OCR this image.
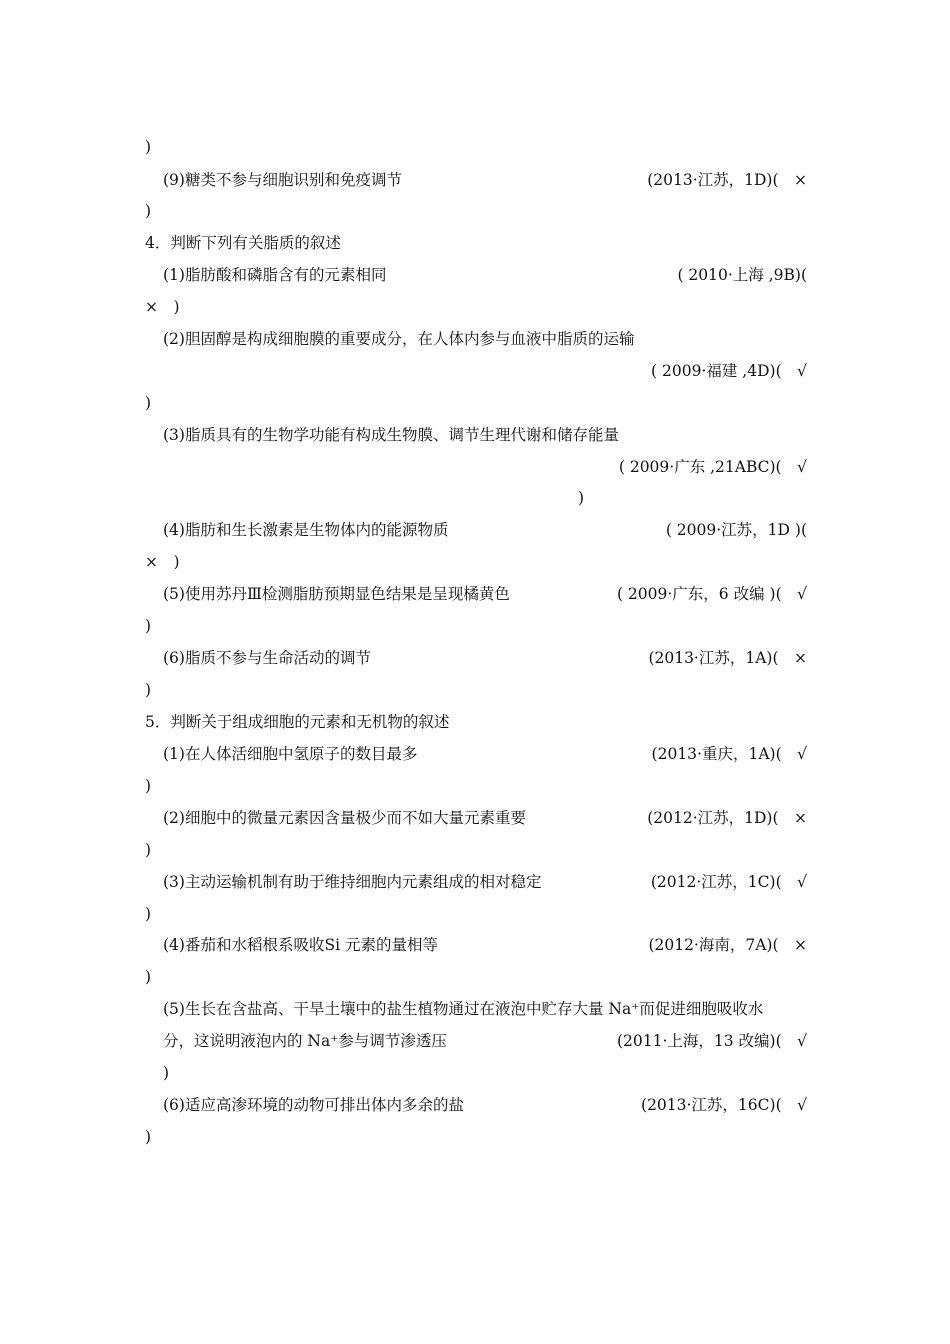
)
(9)糖类不参与细胞识别和免疫调节	(2013·江苏，1D)(　×
)
4．判断下列有关脂质的叙述
(1)脂肪酸和磷脂含有的元素相同	( 2010·上海 ,9B)(
×　)
(2)胆固醇是构成细胞膜的重要成分，在人体内参与血液中脂质的运输
( 2009·福建 ,4D)(　√
)
(3)脂质具有的生物学功能有构成生物膜、调节生理代谢和储存能量
( 2009·广东 ,21ABC)(　√
)
(4)脂肪和生长激素是生物体内的能源物质	( 2009·江苏，1D )(
×　)
(5)使用苏丹Ⅲ检测脂肪预期显色结果是呈现橘黄色	( 2009·广东，6 改编 )(　√
)
(6)脂质不参与生命活动的调节	(2013·江苏，1A)(　×
)
5．判断关于组成细胞的元素和无机物的叙述
(1)在人体活细胞中氢原子的数目最多	(2013·重庆，1A)(　√
)
(2)细胞中的微量元素因含量极少而不如大量元素重要	(2012·江苏，1D)(　×
)
(3)主动运输机制有助于维持细胞内元素组成的相对稳定	(2012·江苏，1C)(　√
)
(4)番茄和水稻根系吸收Si 元素的量相等	(2012·海南，7A)(　×
)
(5)生长在含盐高、干旱土壤中的盐生植物通过在液泡中贮存大量 Na⁺而促进细胞吸收水
分，这说明液泡内的 Na⁺参与调节渗透压	(2011·上海，13 改编)(　√
)
(6)适应高渗环境的动物可排出体内多余的盐	(2013·江苏，16C)(　√
)
